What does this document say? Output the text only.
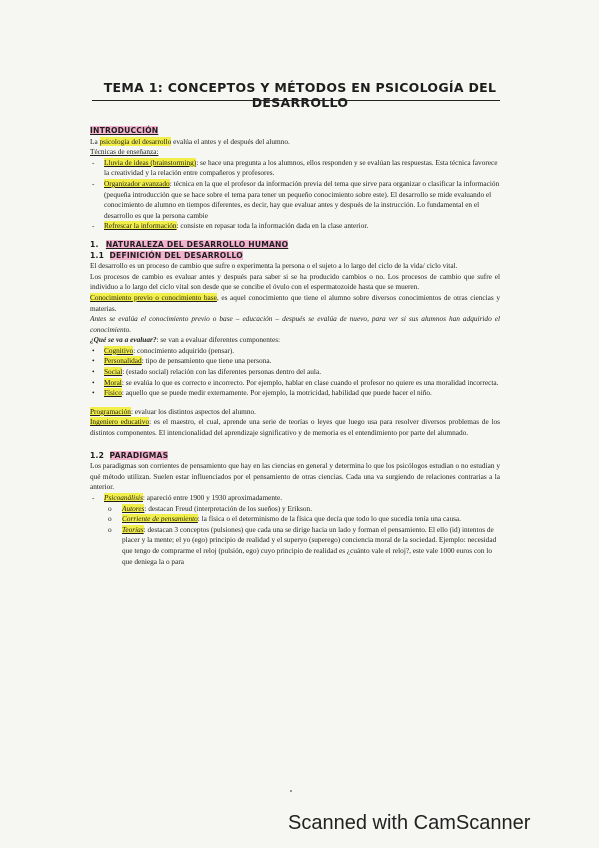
TEMA 1: CONCEPTOS Y MÉTODOS EN PSICOLOGÍA DEL DESARROLLO

INTRODUCCIÓN

La psicología del desarrollo evalúa el antes y el después del alumno.

Técnicas de enseñanza:

- Lluvia de ideas (brainstorming): se hace una pregunta a los alumnos, ellos responden y se evalúan las respuestas. Esta técnica favorece la creatividad y la relación entre compañeros y profesores.
- Organizador avanzado: técnica en la que el profesor da información previa del tema que sirve para organizar o clasificar la información (pequeña introducción que se hace sobre el tema para tener un pequeño conocimiento sobre este). El desarrollo se mide evaluando el conocimiento de alumno en tiempos diferentes, es decir, hay que evaluar antes y después de la instrucción. Lo fundamental en el desarrollo es que la persona cambie
- Refrescar la información: consiste en repasar toda la información dada en la clase anterior.

1. NATURALEZA DEL DESARROLLO HUMANO

1.1 DEFINICIÓN DEL DESARROLLO

El desarrollo es un proceso de cambio que sufre o experimenta la persona o el sujeto a lo largo del ciclo de la vida/ ciclo vital.

Los procesos de cambio es evaluar antes y después para saber si se ha producido cambios o no. Los procesos de cambio que sufre el individuo a lo largo del ciclo vital son desde que se concibe el óvulo con el espermatozoide hasta que se mueren.

Conocimiento previo o conocimiento base, es aquel conocimiento que tiene el alumno sobre diversos conocimientos de otras ciencias y materias.

Antes se evalúa el conocimiento previo o base – educación – después se evalúa de nuevo, para ver si sus alumnos han adquirido el conocimiento.

¿Qué se va a evaluar?: se van a evaluar diferentes componentes:

• Cognitivo: conocimiento adquirido (pensar).
• Personalidad: tipo de pensamiento que tiene una persona.
• Social: (estado social) relación con las diferentes personas dentro del aula.
• Moral: se evalúa lo que es correcto e incorrecto. Por ejemplo, hablar en clase cuando el profesor no quiere es una moralidad incorrecta.
• Físico: aquello que se puede medir externamente. Por ejemplo, la motricidad, habilidad que puede hacer el niño.

Programación: evaluar los distintos aspectos del alumno.

Ingeniero educativo: es el maestro, el cual, aprende una serie de teorías o leyes que luego usa para resolver diversos problemas de los distintos componentes. El intencionalidad del aprendizaje significativo y de memoria es el entendimiento por parte del alumnado.

1.2 PARADIGMAS

Los paradigmas son corrientes de pensamiento que hay en las ciencias en general y determina lo que los psicólogos estudian o no estudian y qué método utilizan. Suelen estar influenciados por el pensamiento de otras ciencias. Cada una va surgiendo de relaciones contrarias a la anterior.

- Psicoanálisis: apareció entre 1900 y 1930 aproximadamente.
o Autores: destacan Freud (interpretación de los sueños) y Erikson.
o Corriente de pensamiento: la física o el determinismo de la física que decía que todo lo que sucedía tenía una causa.
o Teorías: destacan 3 conceptos (pulsiones) que cada una se dirige hacia un lado y forman el pensamiento. El ello (id) intentos de placer y la mente; el yo (ego) principio de realidad y el superyo (superego) conciencia moral de la sociedad. Ejemplo: necesidad que tengo de comprarme el reloj (pulsión, ego) cuyo principio de realidad es ¿cuánto vale el reloj?, este vale 1000 euros con lo que deniega la o para
Scanned with CamScanner
